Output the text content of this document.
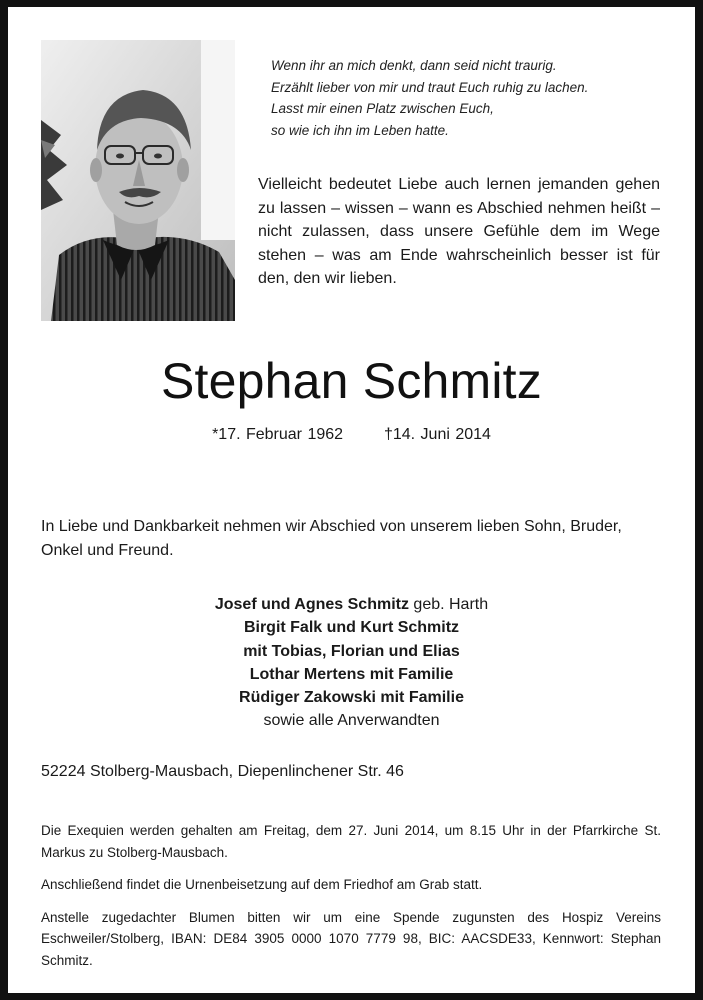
Wenn ihr an mich denkt, dann seid nicht traurig.
Erzählt lieber von mir und traut Euch ruhig zu lachen.
Lasst mir einen Platz zwischen Euch,
so wie ich ihn im Leben hatte.
Vielleicht bedeutet Liebe auch lernen jemanden gehen zu lassen – wissen – wann es Abschied nehmen heißt – nicht zulassen, dass unsere Gefühle dem im Wege stehen – was am Ende wahrscheinlich besser ist für den, den wir lieben.
Stephan Schmitz
*17. Februar 1962	†14. Juni 2014
In Liebe und Dankbarkeit nehmen wir Abschied von unserem lieben Sohn, Bruder, Onkel und Freund.
Josef und Agnes Schmitz geb. Harth
Birgit Falk und Kurt Schmitz
mit Tobias, Florian und Elias
Lothar Mertens mit Familie
Rüdiger Zakowski mit Familie
sowie alle Anverwandten
52224 Stolberg-Mausbach, Diepenlinchener Str. 46

Die Exequien werden gehalten am Freitag, dem 27. Juni 2014, um 8.15 Uhr in der Pfarrkirche St. Markus zu Stolberg-Mausbach.

Anschließend findet die Urnenbeisetzung auf dem Friedhof am Grab statt.

Anstelle zugedachter Blumen bitten wir um eine Spende zugunsten des Hospiz Vereins Eschweiler/Stolberg, IBAN: DE84 3905 0000 1070 7779 98, BIC: AACSDE33, Kennwort: Stephan Schmitz.
